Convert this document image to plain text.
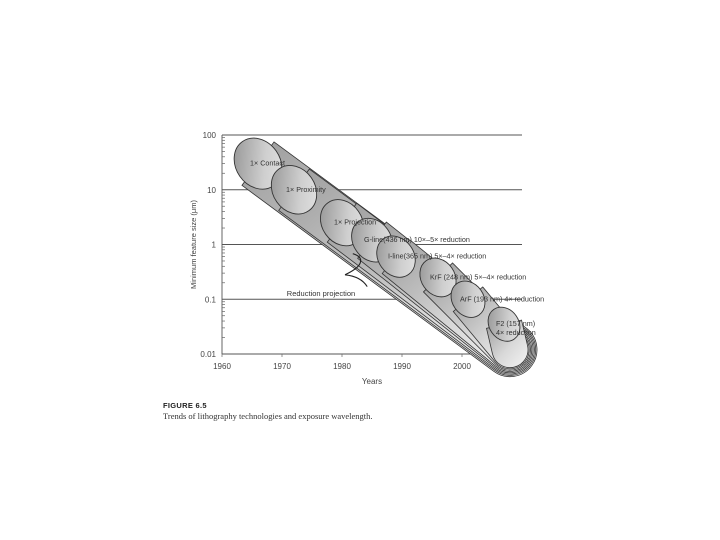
100
10
1
0.1
0.01
1960	1970	1980	1990	2000
Years
Minimum feature size (μm)
1× Contact
1× Proximity
1× Projection
G-line(436 nm) 10×–5× reduction
I-line(365 nm) 5×–4× reduction
KrF (248 nm) 5×–4× reduction
ArF (193 nm) 4× reduction
F2 (157 nm)
4× reduction
Reduction projection
FIGURE 6.5
Trends of lithography technologies and exposure wavelength.
